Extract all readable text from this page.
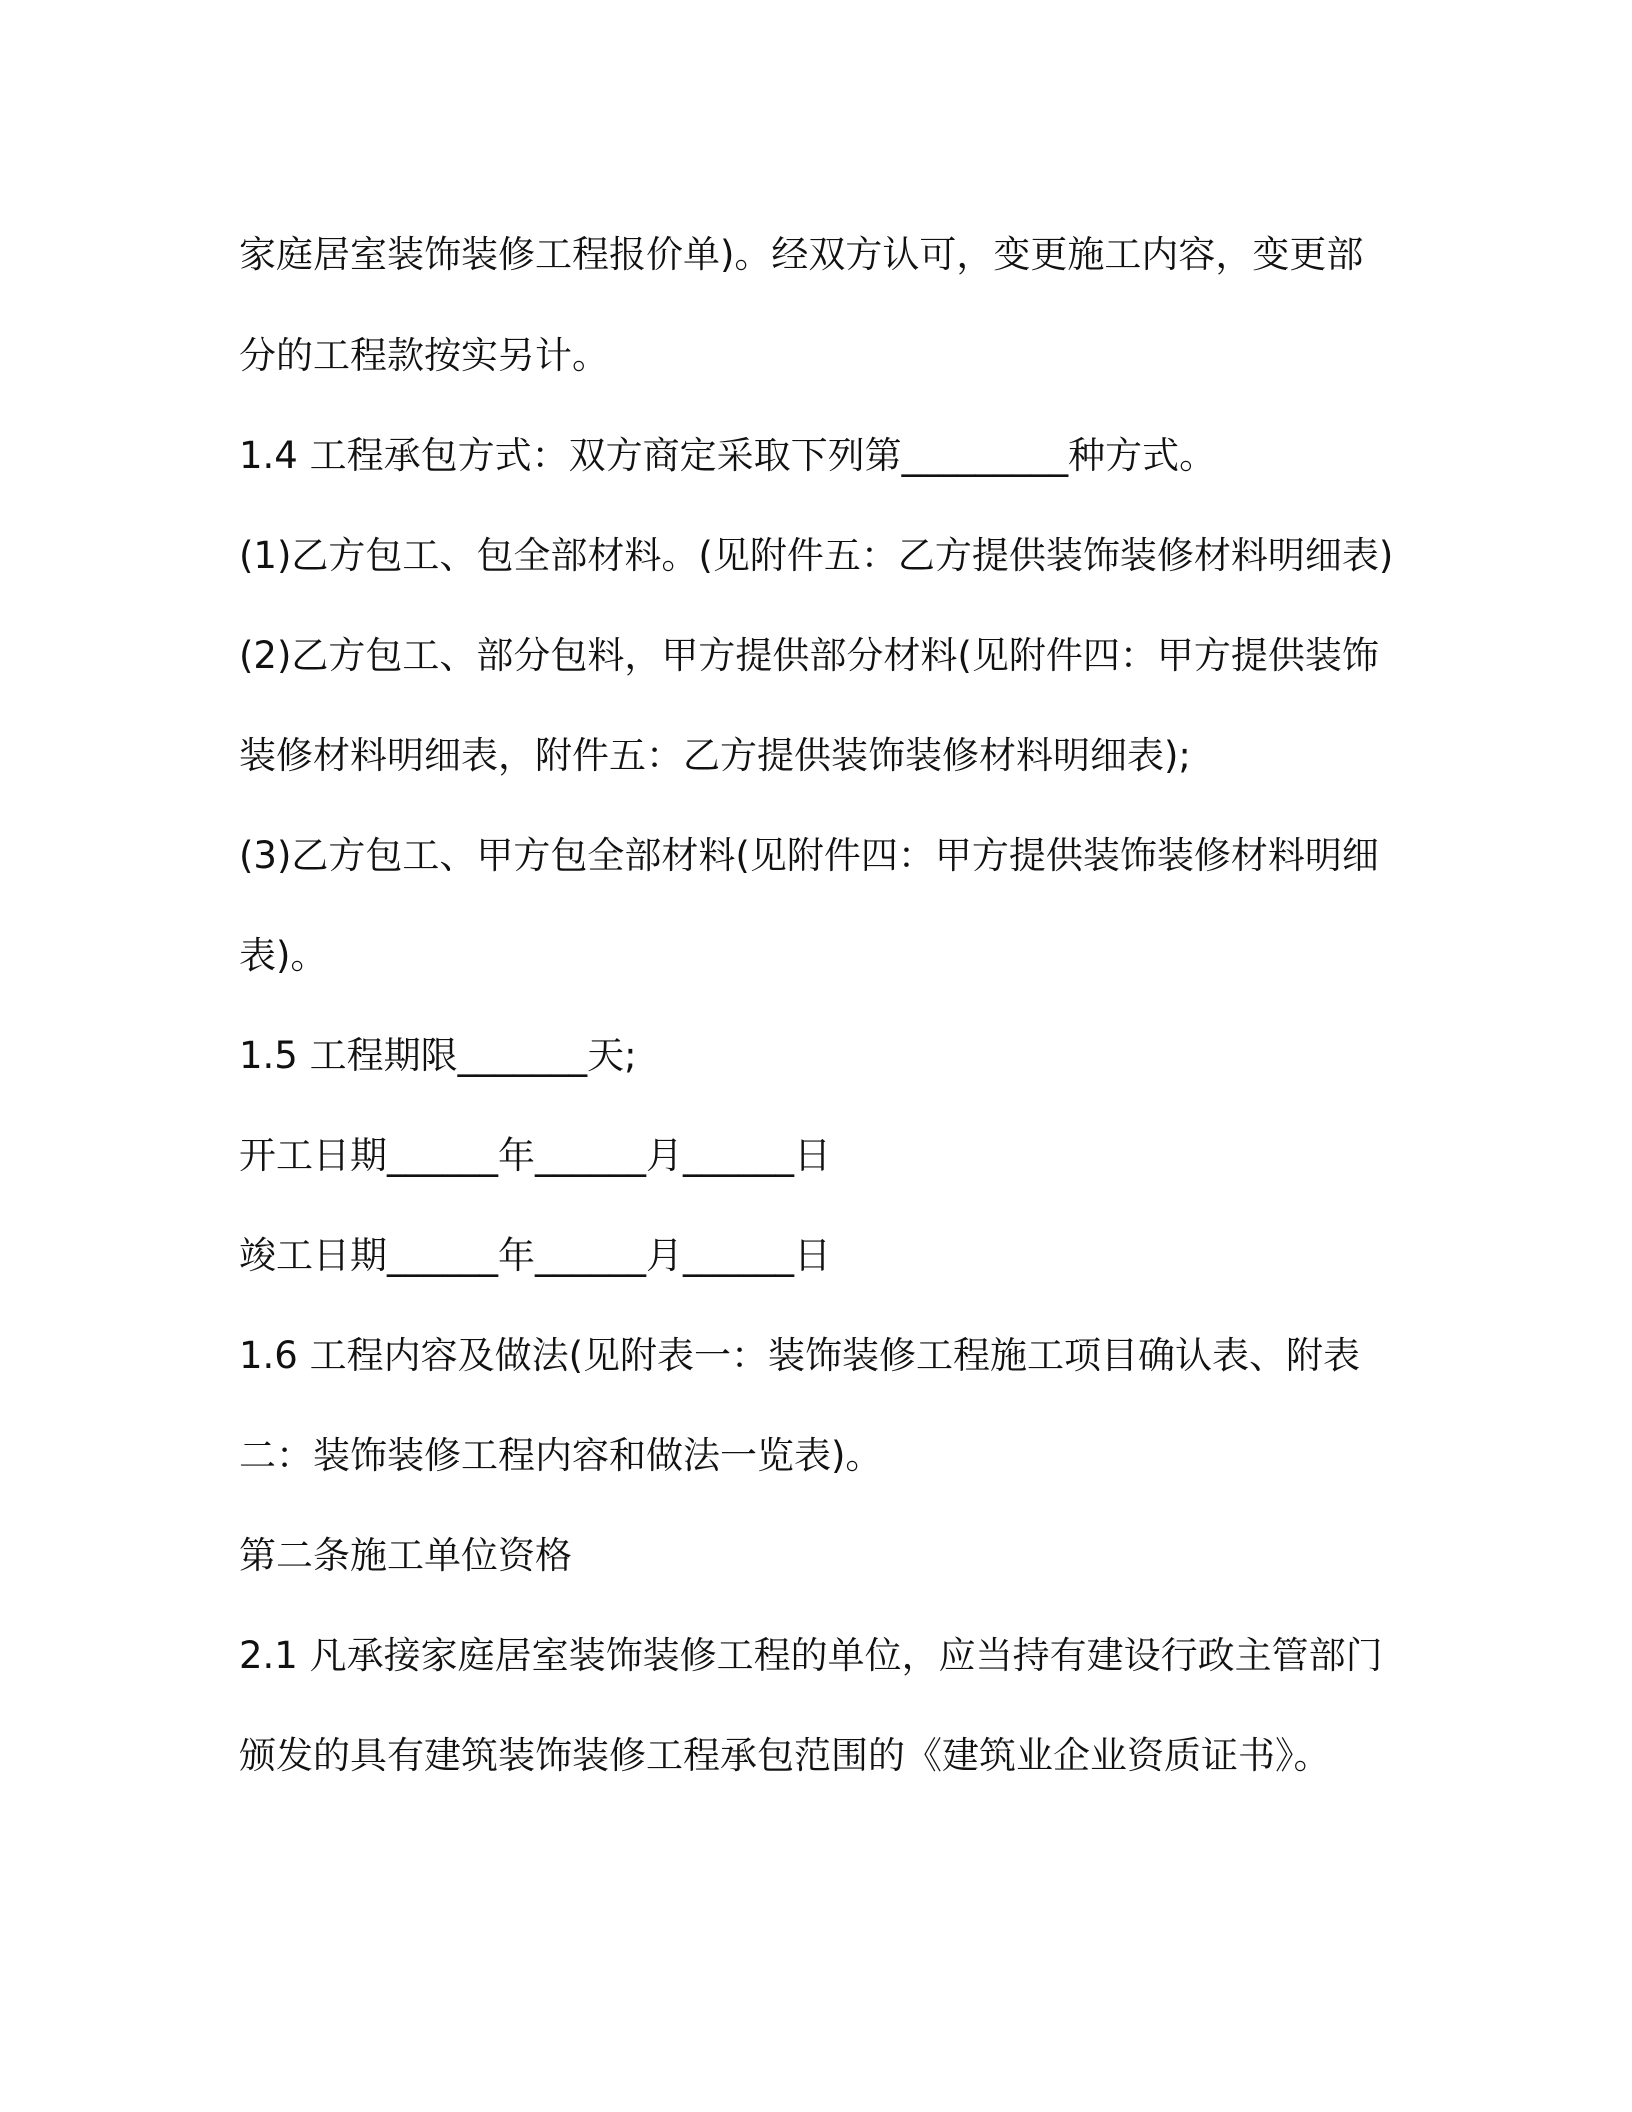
家庭居室装饰装修工程报价单)。经双方认可，变更施工内容，变更部

分的工程款按实另计。

1.4 工程承包方式：双方商定采取下列第_________种方式。

(1)乙方包工、包全部材料。(见附件五：乙方提供装饰装修材料明细表)

(2)乙方包工、部分包料，甲方提供部分材料(见附件四：甲方提供装饰

装修材料明细表，附件五：乙方提供装饰装修材料明细表);

(3)乙方包工、甲方包全部材料(见附件四：甲方提供装饰装修材料明细

表)。

1.5 工程期限_______天;

开工日期______年______月______日

竣工日期______年______月______日

1.6 工程内容及做法(见附表一：装饰装修工程施工项目确认表、附表

二：装饰装修工程内容和做法一览表)。

第二条施工单位资格

2.1 凡承接家庭居室装饰装修工程的单位，应当持有建设行政主管部门

颁发的具有建筑装饰装修工程承包范围的《建筑业企业资质证书》。
